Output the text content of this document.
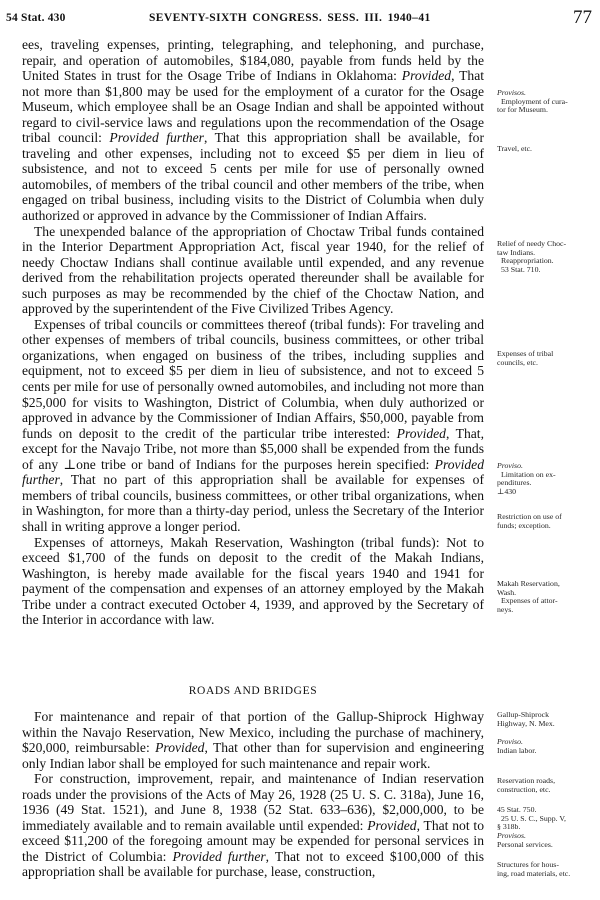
54 Stat. 430	SEVENTY-SIXTH CONGRESS. SESS. III. 1940–41	77

ees, traveling expenses, printing, telegraphing, and telephoning, and purchase, repair, and operation of automobiles, $184,080, payable from funds held by the United States in trust for the Osage Tribe of Indians in Oklahoma: Provided, That not more than $1,800 may be used for the employment of a curator for the Osage Museum, which employee shall be an Osage Indian and shall be appointed without regard to civil-service laws and regulations upon the recommendation of the Osage tribal council: Provided further, That this appropriation shall be available, for traveling and other expenses, including not to exceed $5 per diem in lieu of subsistence, and not to exceed 5 cents per mile for use of personally owned automobiles, of members of the tribal council and other members of the tribe, when engaged on tribal business, including visits to the District of Columbia when duly authorized or approved in advance by the Commissioner of Indian Affairs.

The unexpended balance of the appropriation of Choctaw Tribal funds contained in the Interior Department Appropriation Act, fiscal year 1940, for the relief of needy Choctaw Indians shall continue available until expended, and any revenue derived from the rehabilitation projects operated thereunder shall be available for such purposes as may be recommended by the chief of the Choctaw Nation, and approved by the superintendent of the Five Civilized Tribes Agency.

Expenses of tribal councils or committees thereof (tribal funds): For traveling and other expenses of members of tribal councils, business committees, or other tribal organizations, when engaged on business of the tribes, including supplies and equipment, not to exceed $5 per diem in lieu of subsistence, and not to exceed 5 cents per mile for use of personally owned automobiles, and including not more than $25,000 for visits to Washington, District of Columbia, when duly authorized or approved in advance by the Commissioner of Indian Affairs, $50,000, payable from funds on deposit to the credit of the particular tribe interested: Provided, That, except for the Navajo Tribe, not more than $5,000 shall be expended from the funds of any ⊥one tribe or band of Indians for the purposes herein specified: Provided further, That no part of this appropriation shall be available for expenses of members of tribal councils, business committees, or other tribal organizations, when in Washington, for more than a thirty-day period, unless the Secretary of the Interior shall in writing approve a longer period.

Expenses of attorneys, Makah Reservation, Washington (tribal funds): Not to exceed $1,700 of the funds on deposit to the credit of the Makah Indians, Washington, is hereby made available for the fiscal years 1940 and 1941 for payment of the compensation and expenses of an attorney employed by the Makah Tribe under a contract executed October 4, 1939, and approved by the Secretary of the Interior in accordance with law.

ROADS AND BRIDGES

For maintenance and repair of that portion of the Gallup-Shiprock Highway within the Navajo Reservation, New Mexico, including the purchase of machinery, $20,000, reimbursable: Provided, That other than for supervision and engineering only Indian labor shall be employed for such maintenance and repair work.

For construction, improvement, repair, and maintenance of Indian reservation roads under the provisions of the Acts of May 26, 1928 (25 U. S. C. 318a), June 16, 1936 (49 Stat. 1521), and June 8, 1938 (52 Stat. 633–636), $2,000,000, to be immediately available and to remain available until expended: Provided, That not to exceed $11,200 of the foregoing amount may be expended for personal services in the District of Columbia: Provided further, That not to exceed $100,000 of this appropriation shall be available for purchase, lease, construction,

Provisos.
Employment of cura-
tor for Museum.
Travel, etc.
Relief of needy Choc-
taw Indians.
Reappropriation.
53 Stat. 710.
Expenses of tribal
councils, etc.
Proviso.
Limitation on ex-
penditures.
⊥430
Restriction on use of
funds; exception.
Makah Reservation,
Wash.
Expenses of attor-
neys.
Gallup-Shiprock
Highway, N. Mex.
Proviso.
Indian labor.
Reservation roads,
construction, etc.
45 Stat. 750.
25 U. S. C., Supp. V,
§ 318b.
Provisos.
Personal services.
Structures for hous-
ing, road materials, etc.
